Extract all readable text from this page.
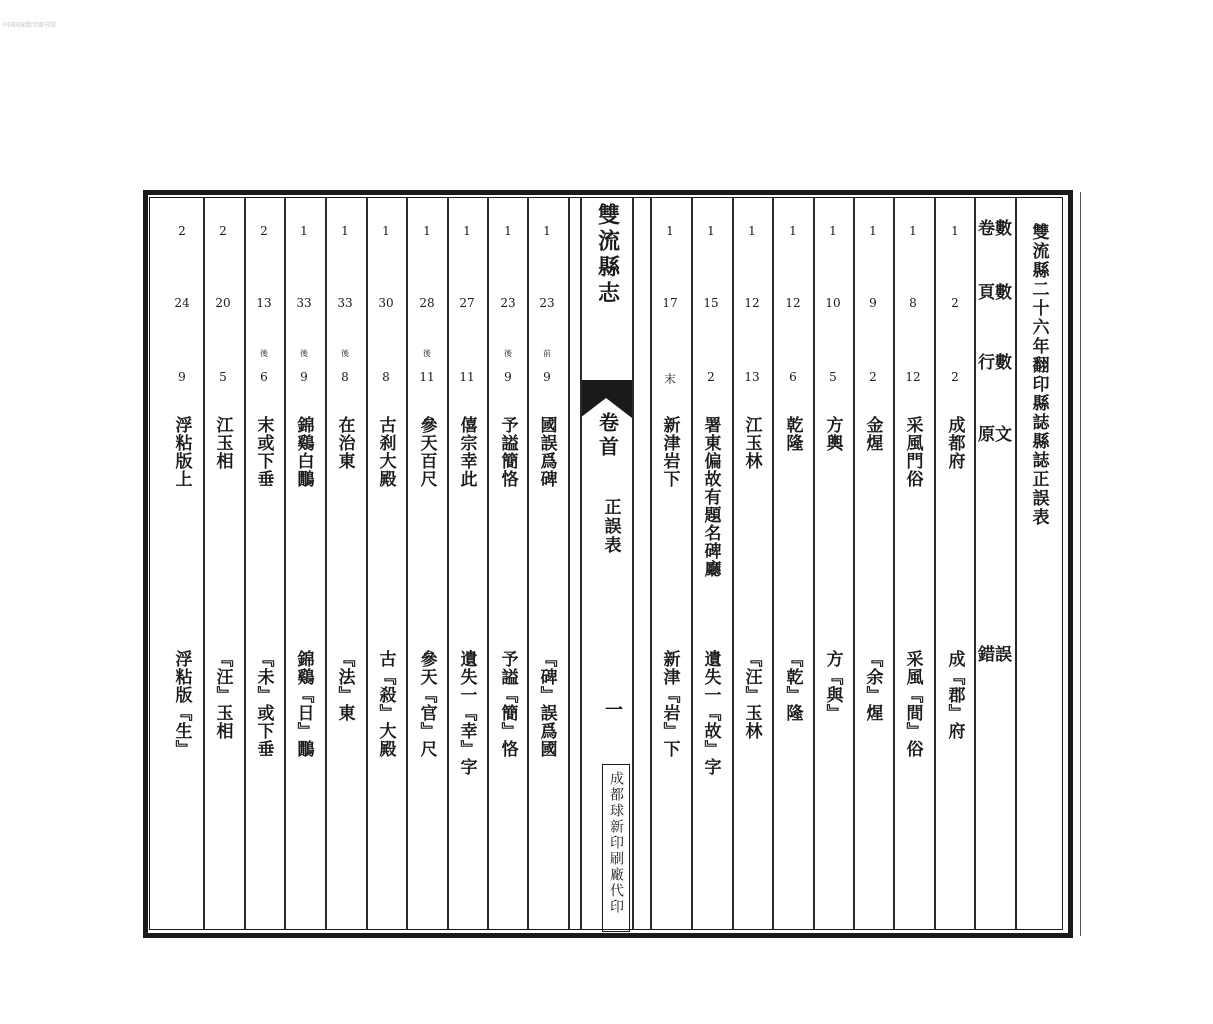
中国国家数字图书馆
雙流縣二十六年翻印縣誌縣誌正誤表
卷數
頁數
行數
原文
錯誤
雙流縣志
卷首
正誤表
一
成都球新印刷廠代印
1
2
2
成都府
成『郡』府
1
8
12
采風門俗
采風『間』俗
1
9
2
金煋
『余』煋
1
10
5
方輿
方『與』
1
12
6
乾隆
『乾』隆
1
12
13
江玉林
『汪』玉林
1
15
2
署東偏故有題名碑廳
遺失一『故』字
1
17
末
新津岩下
新津『岩』下
1
23
前
9
國誤爲碑
『碑』誤爲國
1
23
後
9
予謚簡恪
予謚『簡』恪
1
27
11
僖宗幸此
遺失一『幸』字
1
28
後
11
參天百尺
參天『官』尺
1
30
8
古刹大殿
古『殺』大殿
1
33
後
8
在治東
『法』東
1
33
後
9
錦鷄白鷳
錦鷄『日』鷳
2
13
後
6
末或下垂
『未』或下垂
2
20
5
江玉相
『汪』玉相
2
24
9
浮粘版上
浮粘版『生』
